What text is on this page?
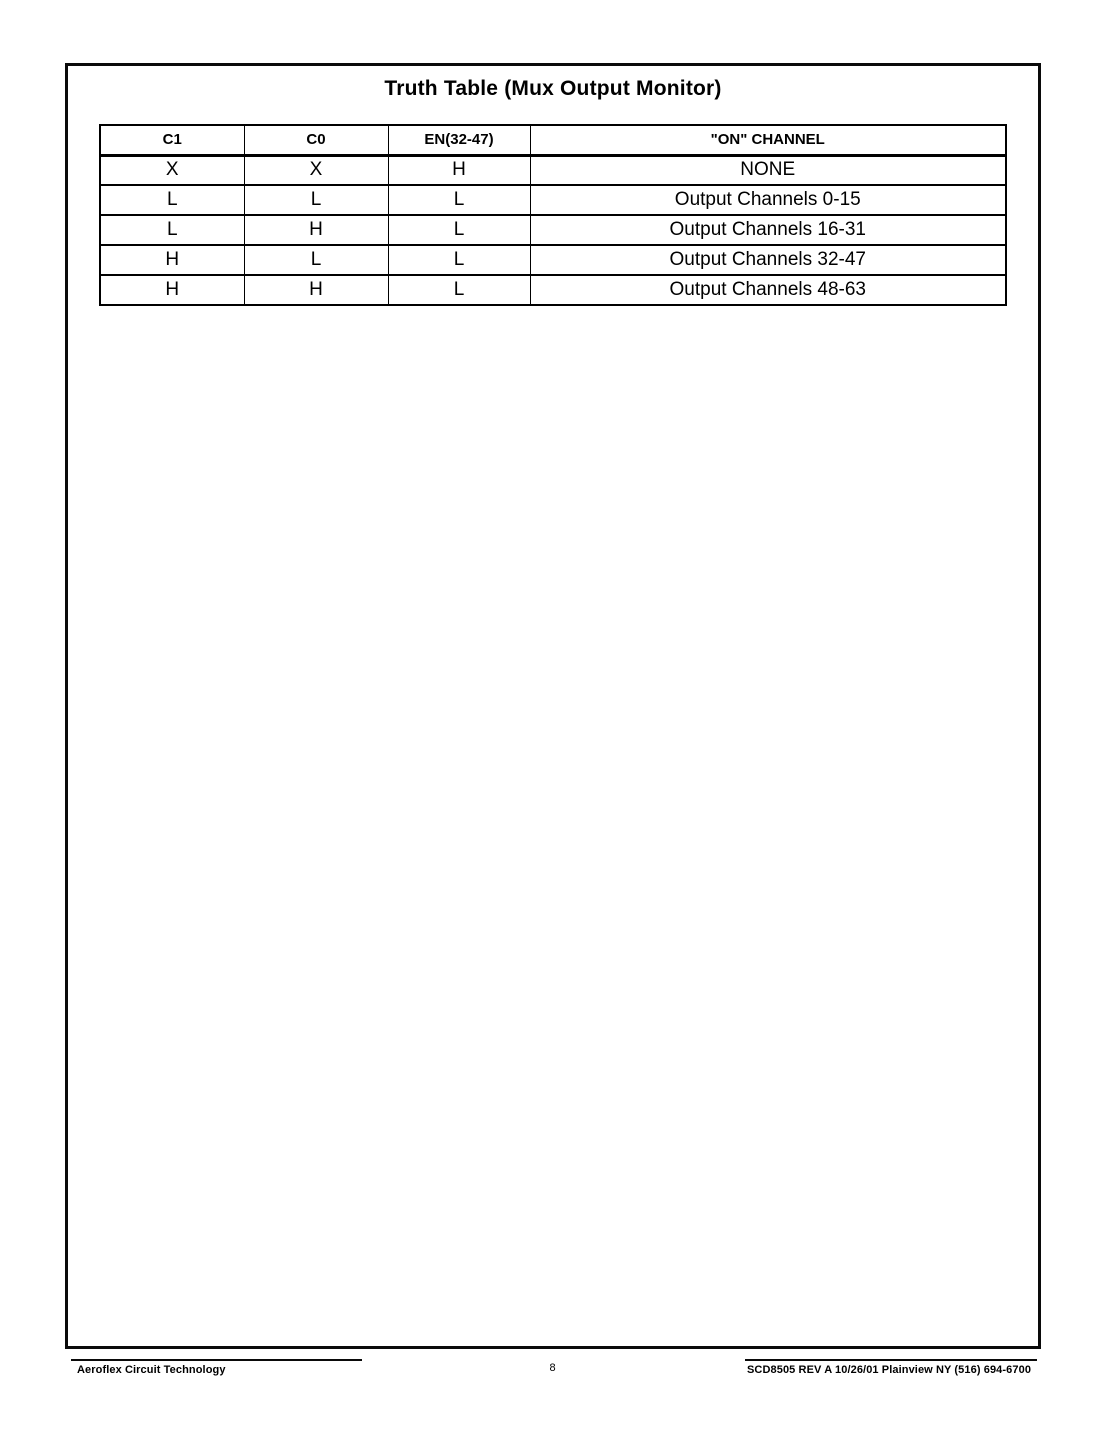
Truth Table (Mux Output Monitor)
C1	C0	EN(32-47)	"ON" CHANNEL
X	X	H	NONE
L	L	L	Output Channels 0-15
L	H	L	Output Channels 16-31
H	L	L	Output Channels 32-47
H	H	L	Output Channels 48-63
Aeroflex Circuit Technology	8	SCD8505 REV A 10/26/01 Plainview NY (516) 694-6700
